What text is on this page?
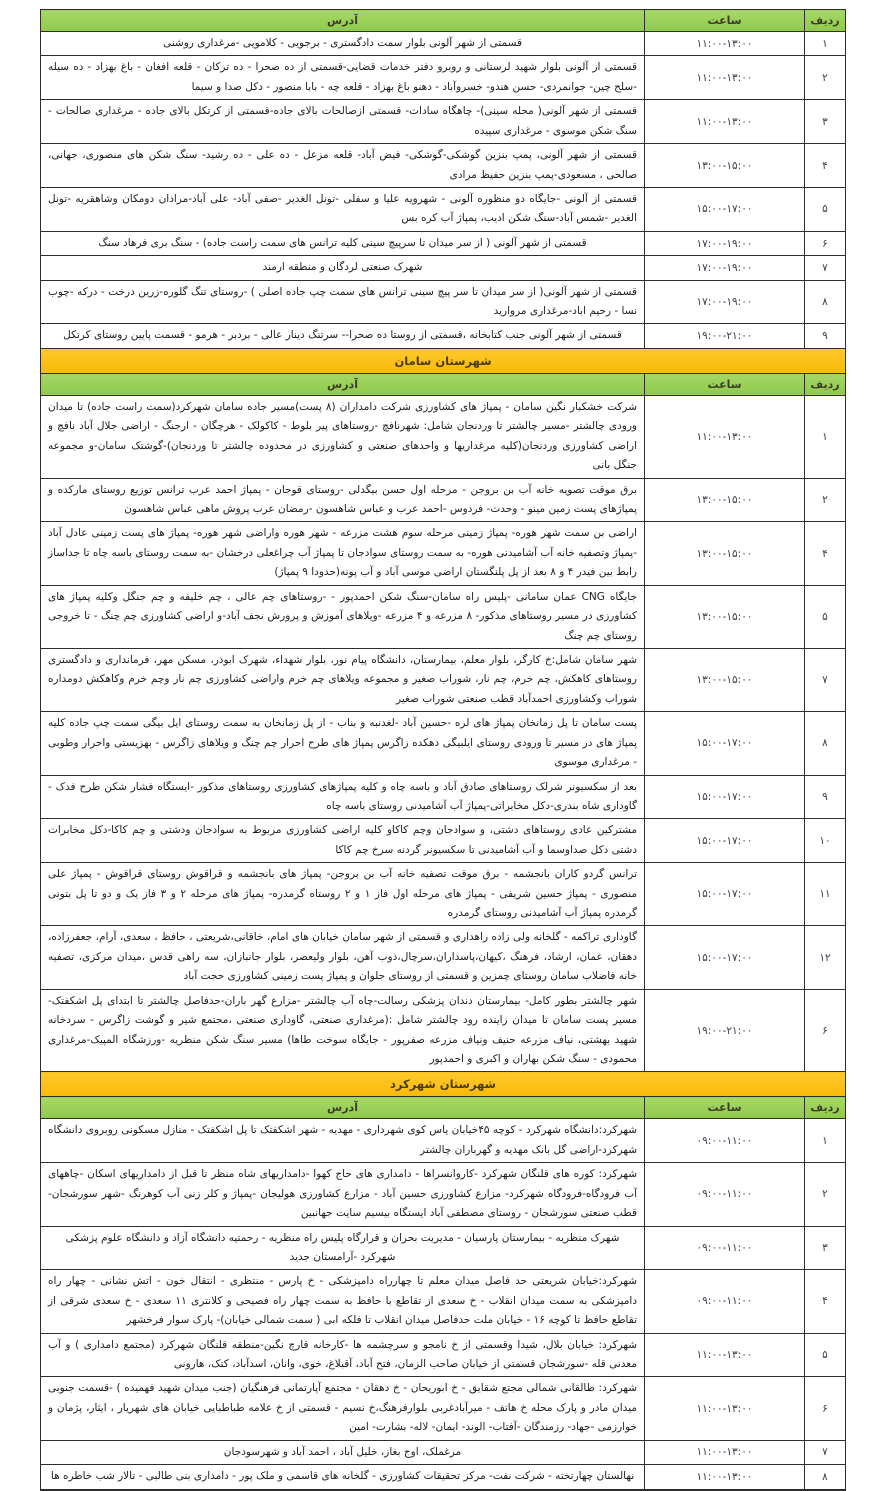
ردیف	ساعت	آدرس
۱	۱۱:۰۰-۱۳:۰۰	قسمتی از شهر آلونی بلوار سمت دادگستری - برجویی - کلامویی -مرغداری روشنی
۲	۱۱:۰۰-۱۳:۰۰	قسمتی از آلونی بلوار شهید لرستانی و روبرو دفتر خدمات قضایی-قسمتی از ده صحرا - ده ترکان - قلعه افغان - باغ بهزاد - ده سیله -سلح چین- جوانمردی- حسن هندو- خسروآباد - دهنو باغ بهزاد - قلعه چه - بابا منصور - دکل صدا و سیما
۳	۱۱:۰۰-۱۳:۰۰	قسمتی از شهر آلونی( محله سینی)- چاهگاه سادات- قسمتی ازصالحات بالای جاده-قسمتی از کرتکل بالای جاده - مرغداری صالحات - سنگ شکن موسوی - مرغداری سپیده
۴	۱۳:۰۰-۱۵:۰۰	قسمتی از شهر آلونی، پمپ بنزین گوشکی-گوشکی- فیض آباد- قلعه مزعل - ده علی - ده رشید- سنگ شکن های منصوری، جهانی، صالحی ، مسعودی-پمپ بنزین حفیظ مرادی
۵	۱۵:۰۰-۱۷:۰۰	قسمتی از آلونی -جایگاه دو منظوره آلونی - شهرویه علیا و سفلی -تونل الغدیر -صفی آباد- علی آباد-مرادان دومکان وشاهقریه -تونل الغدیر -شمس آباد-سنگ شکن ادیب، پمپاژ آب کره بس
۶	۱۷:۰۰-۱۹:۰۰	قسمتی از شهر آلونی ( از سر میدان تا سرپیچ سینی کلیه ترانس های سمت راست جاده) - سنگ بری فرهاد سنگ
۷	۱۷:۰۰-۱۹:۰۰	شهرک صنعتی لردگان و منطقه ارمند
۸	۱۷:۰۰-۱۹:۰۰	قسمتی از شهر آلونی( از سر میدان تا سر پیچ سینی ترانس های سمت چپ جاده اصلی ) -روستای تنگ گلوره-زرین درخت - درکه -چوب نسا - رحیم اباد-مرغداری مروارید
۹	۱۹:۰۰-۲۱:۰۰	قسمتی از شهر آلونی جنب کتابخانه ،قسمتی از روستا ده صحرا-- سرتنگ دینار عالی - بردبر - هرمو - قسمت پایین روستای کرتکل
شهرستان سامان		
ردیف	ساعت	آدرس
۱	۱۱:۰۰-۱۳:۰۰	شرکت خشکبار نگین سامان - پمپاژ های کشاورزی شرکت دامداران (۸ پست)مسیر جاده سامان شهرکرد(سمت راست جاده) تا میدان ورودی چالشتر -مسیر چالشتر تا وردنجان شامل: شهرنافچ -روستاهای پیر بلوط - کاکولک - هرچگان - ارجنگ - اراضی جلال آباد نافچ و اراضی کشاورزی وردنجان(کلیه مرغداریها و واحدهای صنعتی و کشاورزی در محدوده چالشتر تا وردنجان)-گوشتک سامان-و مجموعه جنگل بانی
۲	۱۳:۰۰-۱۵:۰۰	برق موقت تصویه خانه آب بن بروجن - مرحله اول حسن بیگدلی -روستای قوجان - پمپاژ احمد عرب ترانس توزیع روستای مارکده و پمپاژهای پست زمین مینو - وحدت- فردوس -احمد عرب و عباس شاهسون -رمضان عرب پروش ماهی عباس شاهسون
۴	۱۳:۰۰-۱۵:۰۰	اراضی بن سمت شهر هوره- پمپاژ زمینی مرحله سوم هشت مزرعه - شهر هوره واراضی شهر هوره- پمپاژ های پست زمینی عادل آباد -پمپاژ وتصفیه خانه آب آشامیدنی هوره- به سمت روستای سوادجان تا پمپاژ آب چراغعلی درخشان -به سمت روستای باسه چاه تا جداساز رابط بین فیدر ۴ و ۸ بعد از پل پلنگستان اراضی موسی آباد و آب پونه(حدودا ۹ پمپاژ)
۵	۱۳:۰۰-۱۵:۰۰	جایگاه CNG عمان سامانی -پلیس راه سامان-سنگ شکن احمدپور - -روستاهای چم عالی ، چم خلیفه و چم جنگل وکلیه پمپاژ های کشاورزی در مسیر روستاهای مذکور- ۸ مزرعه و ۴ مزرعه -ویلاهای آموزش و پرورش نجف آباد-و اراضی کشاورزی چم چنگ - تا خروجی روستای چم چنگ
۷	۱۳:۰۰-۱۵:۰۰	شهر سامان شامل:خ کارگر، بلوار معلم، بیمارستان، دانشگاه پیام نور، بلوار شهداء، شهرک ابوذر، مسکن مهر، فرمانداری و دادگستری روستاهای کاهکش، چم خرم، چم نار، شوراب صغیر و مجموعه ویلاهای چم خرم واراضی کشاورزی چم نار وچم خرم وکاهکش دومداره شوراب وکشاورزی احمدآباد قطب صنعتی شوراب صغیر
۸	۱۵:۰۰-۱۷:۰۰	پست سامان تا پل زمانخان پمپاژ های لره -حسین آباد -لغدنبه و بناب - از پل زمانخان به سمت روستای ایل بیگی سمت چپ جاده کلیه پمپاژ های در مسیر تا ورودی روستای ایلبیگی دهکده زاگرس پمپاژ های طرح احرار چم چنگ و ویلاهای زاگرس - بهزیستی واحرار وطوبی - مرغداری موسوی
۹	۱۵:۰۰-۱۷:۰۰	بعد از سکسیونر شرلک روستاهای صادق آباد و باسه چاه و کلیه پمپاژهای کشاورزی روستاهای مذکور -ایستگاه فشار شکن طرح فدک - گاوداری شاه بندری-دکل مخابراتی-پمپاژ آب آشامیدنی روستای باسه چاه
۱۰	۱۵:۰۰-۱۷:۰۰	مشترکین عادی روستاهای دشتی، و سوادجان وچم کاکاو کلیه اراضی کشاورزی مربوط به سوادجان ودشتی و چم کاکا-دکل مخابرات دشتی دکل صداوسما و آب آشامیدنی تا سکسیونر گردنه سرخ چم کاکا
۱۱	۱۵:۰۰-۱۷:۰۰	ترانس گردو کاران بانجشمه - برق موقت تصفیه خانه آب بن بروجن- پمپاژ های بانجشمه و قراقوش روستای قراقوش - پمپاژ علی منصوری - پمپاژ حسین شریفی - پمپاژ های مرحله اول فاز ۱ و ۲ روستاه گرمدره- پمپاژ های مرحله ۲ و ۳ فاز یک و دو تا پل بتونی گرمدره پمپاژ آب آشامیدنی روستای گرمدره
۱۲	۱۵:۰۰-۱۷:۰۰	گاوداری تراکمه - گلخانه ولی زاده راهداری و قسمتی از شهر سامان خیابان های امام، خاقانی،شریعتی ، حافظ ، سعدی، آرام، جعفرزاده، دهقان، عمان، ارشاد، فرهنگ ،کیهان،پاسداران،سرچال،ذوب آهن، بلوار ولیعصر، بلوار جانبازان، سه راهی قدس ،میدان مرکزی، تصفیه خانه فاضلاب سامان روستای چمزین و قسمتی از روستای جلوان و پمپاژ پست زمینی کشاورزی حجت آباد
۶	۱۹:۰۰-۲۱:۰۰	شهر چالشتر بطور کامل- بیمارستان دندان پزشکی رسالت-چاه آب چالشتر -مزارع گهر باران-حدفاصل چالشتر تا ابتدای پل اشکفتک- مسیر پست سامان تا میدان زاینده رود چالشتر شامل :(مرغداری صنعتی، گاوداری صنعتی ،مجتمع شیر و گوشت زاگرس - سردخانه شهید بهشتی، نیاف مزرعه حنیف ونیاف مزرعه صفرپور - جایگاه سوخت طاها) مسیر سنگ شکن منظریه -ورزشگاه المپیک-مرغداری محمودی - سنگ شکن بهاران و اکبری و احمدپور
شهرستان شهرکرد		
ردیف	ساعت	آدرس
۱	۰۹:۰۰-۱۱:۰۰	شهرکرد:دانشگاه شهرکرد - کوچه ۴۵خیابان یاس کوی شهرداری - مهدیه - شهر اشکفتک تا پل اشکفتک - منازل مسکونی روبروی دانشگاه شهرکرد-اراضی گل بانک مهدیه و گهرباران چالشتر
۲	۰۹:۰۰-۱۱:۰۰	شهرکرد: کوره های قلنگان شهرکرد -کاروانسراها - دامداری های حاج کهوا -دامداریهای شاه منظر تا قبل از دامداریهای اسکان -چاههای آب فرودگاه-فرودگاه شهرکرد- مزارع کشاورزی حسین آباد - مزارع کشاورزی هولیجان -پمپاژ و کلر زنی آب کوهرنگ -شهر سورشجان-قطب صنعتی سورشجان - روستای مصطفی آباد ایستگاه بیسیم سایت جهانبین
۳	۰۹:۰۰-۱۱:۰۰	شهرک منظریه - بیمارستان پارسیان - مدیریت بحران و قرارگاه پلیس راه منظریه - رحمتیه دانشگاه آزاد و دانشگاه علوم پزشکی شهرکرد -آرامستان جدید
۴	۰۹:۰۰-۱۱:۰۰	شهرکرد:خیابان شریعتی حد فاصل میدان معلم تا چهارراه دامپزشکی - خ پارس - منتظری - انتقال خون - اتش نشانی - چهار راه دامپزشکی به سمت میدان انقلاب - خ سعدی از تقاطع با حافظ به سمت چهار راه فصیحی و کلانتری ۱۱ سعدی - خ سعدی شرقی از تقاطع حافظ تا کوچه ۱۶ - خیابان ملت حدفاصل میدان انقلاب تا فلکه ابی ( سمت شمالی خیابان)- پارک سوار فرخشهر
۵	۱۱:۰۰-۱۳:۰۰	شهرکرد: خیابان بلال، شیدا وقسمتی از خ نامجو و سرچشمه ها -کارخانه قارچ نگین-منطقه قلنگان شهرکرد (مجتمع دامداری ) و آب معدنی قله -سورشجان قسمتی از خیابان صاحب الزمان، فتح آباد، آقبلاغ، خوی، وانان، اسدآباد، کتک، هارونی
۶	۱۱:۰۰-۱۳:۰۰	شهرکرد: طالقانی شمالی مجتع شقایق - خ ابوریحان - خ دهقان - مجتمع آپارتمانی فرهنگیان (جنب میدان شهید فهمیده ) -قسمت جنوبی میدان مادر و پارک محله خ هاتف - میرآبادغربی بلوارفرهنگ،خ نسیم - قسمتی از خ علامه طباطبایی خیابان های شهریار ، ایثار، پژمان و خوارزمی -جهاد- رزمندگان -آفتاب- الوند- ایمان- لاله- بشارت- امین
۷	۱۱:۰۰-۱۳:۰۰	مرغملک، اوج بغاز، خلیل آباد ، احمد آباد و شهرسودجان
۸	۱۱:۰۰-۱۳:۰۰	نهالستان چهارتخته - شرکت نفت- مرکز تحقیقات کشاورزی - گلخانه های قاسمی و ملک پور - دامداری بنی طالبی - تالار شب خاطره ها
